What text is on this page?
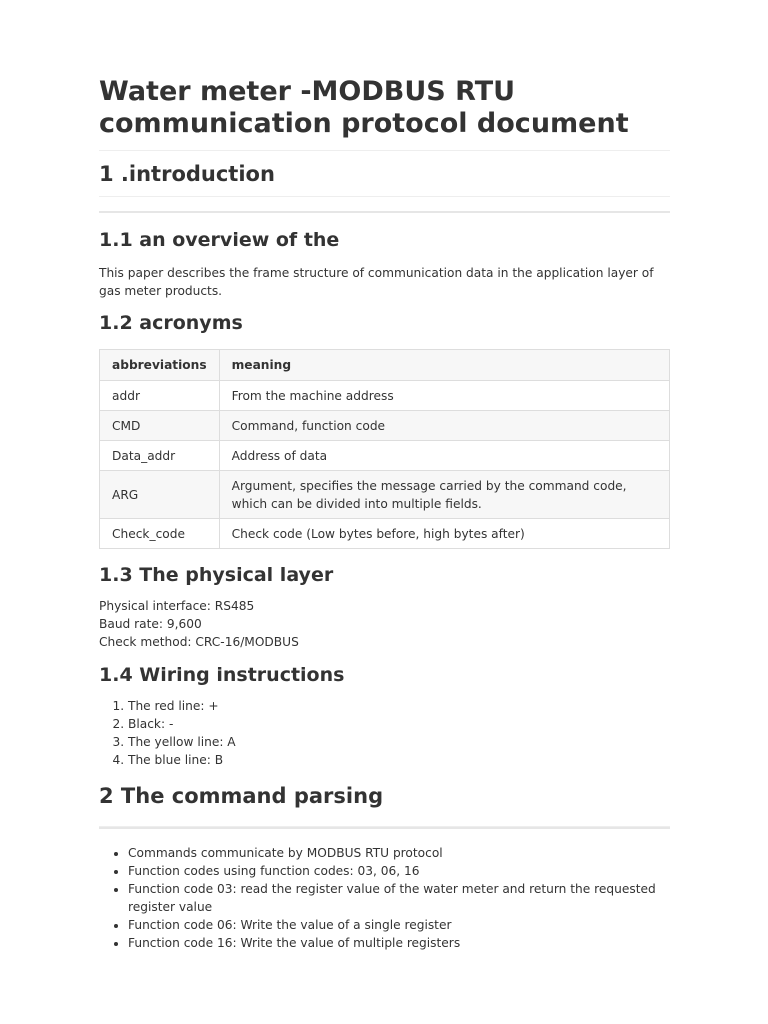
Water meter -MODBUS RTU communication protocol document
1 .introduction
1.1 an overview of the

This paper describes the frame structure of communication data in the application layer of gas meter products.

1.2 acronyms
abbreviations	meaning
addr	From the machine address
CMD	Command, function code
Data_addr	Address of data
ARG	Argument, specifies the message carried by the command code, which can be divided into multiple fields.
Check_code	Check code (Low bytes before, high bytes after)
1.3 The physical layer
Physical interface: RS485
Baud rate: 9,600
Check method: CRC-16/MODBUS
1.4 Wiring instructions
1. The red line: +
2. Black: -
3. The yellow line: A
4. The blue line: B
2 The command parsing
• Commands communicate by MODBUS RTU protocol
• Function codes using function codes: 03, 06, 16
• Function code 03: read the register value of the water meter and return the requested register value
• Function code 06: Write the value of a single register
• Function code 16: Write the value of multiple registers
